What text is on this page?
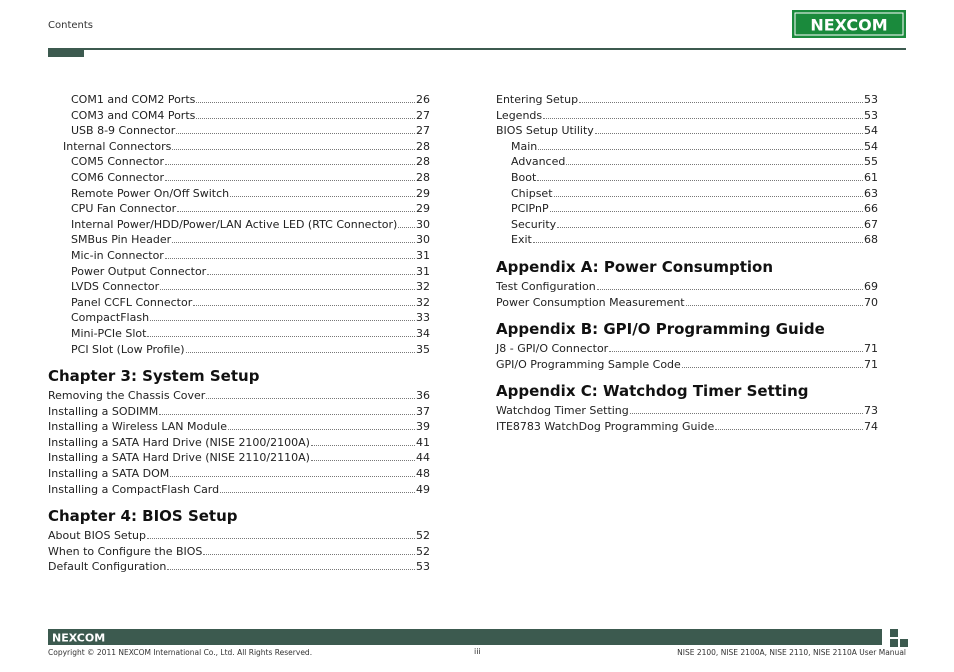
Contents	NEXCOM
COM1 and COM2 Ports	26
COM3 and COM4 Ports	27
USB 8-9 Connector	27
Internal Connectors	28
COM5 Connector	28
COM6 Connector	28
Remote Power On/Off Switch	29
CPU Fan Connector	29
Internal Power/HDD/Power/LAN Active LED (RTC Connector) 30
SMBus Pin Header	30
Mic-in Connector	31
Power Output Connector	31
LVDS Connector	32
Panel CCFL Connector	32
CompactFlash	33
Mini-PCIe Slot	34
PCI Slot (Low Profile)	35
Chapter 3: System Setup
Removing the Chassis Cover	36
Installing a SODIMM	37
Installing a Wireless LAN Module	39
Installing a SATA Hard Drive (NISE 2100/2100A)	41
Installing a SATA Hard Drive (NISE 2110/2110A)	44
Installing a SATA DOM	48
Installing a CompactFlash Card	49
Chapter 4: BIOS Setup
About BIOS Setup	52
When to Configure the BIOS	52
Default Configuration	53
Entering Setup	53
Legends	53
BIOS Setup Utility	54
Main	54
Advanced	55
Boot	61
Chipset	63
PCIPnP	66
Security	67
Exit	68
Appendix A: Power Consumption
Test Configuration	69
Power Consumption Measurement	70
Appendix B: GPI/O Programming Guide
J8 - GPI/O Connector	71
GPI/O Programming Sample Code	71
Appendix C: Watchdog Timer Setting
Watchdog Timer Setting	73
ITE8783 WatchDog Programming Guide	74
NEXCOM
Copyright © 2011 NEXCOM International Co., Ltd. All Rights Reserved.	iii	NISE 2100, NISE 2100A, NISE 2110, NISE 2110A User Manual
